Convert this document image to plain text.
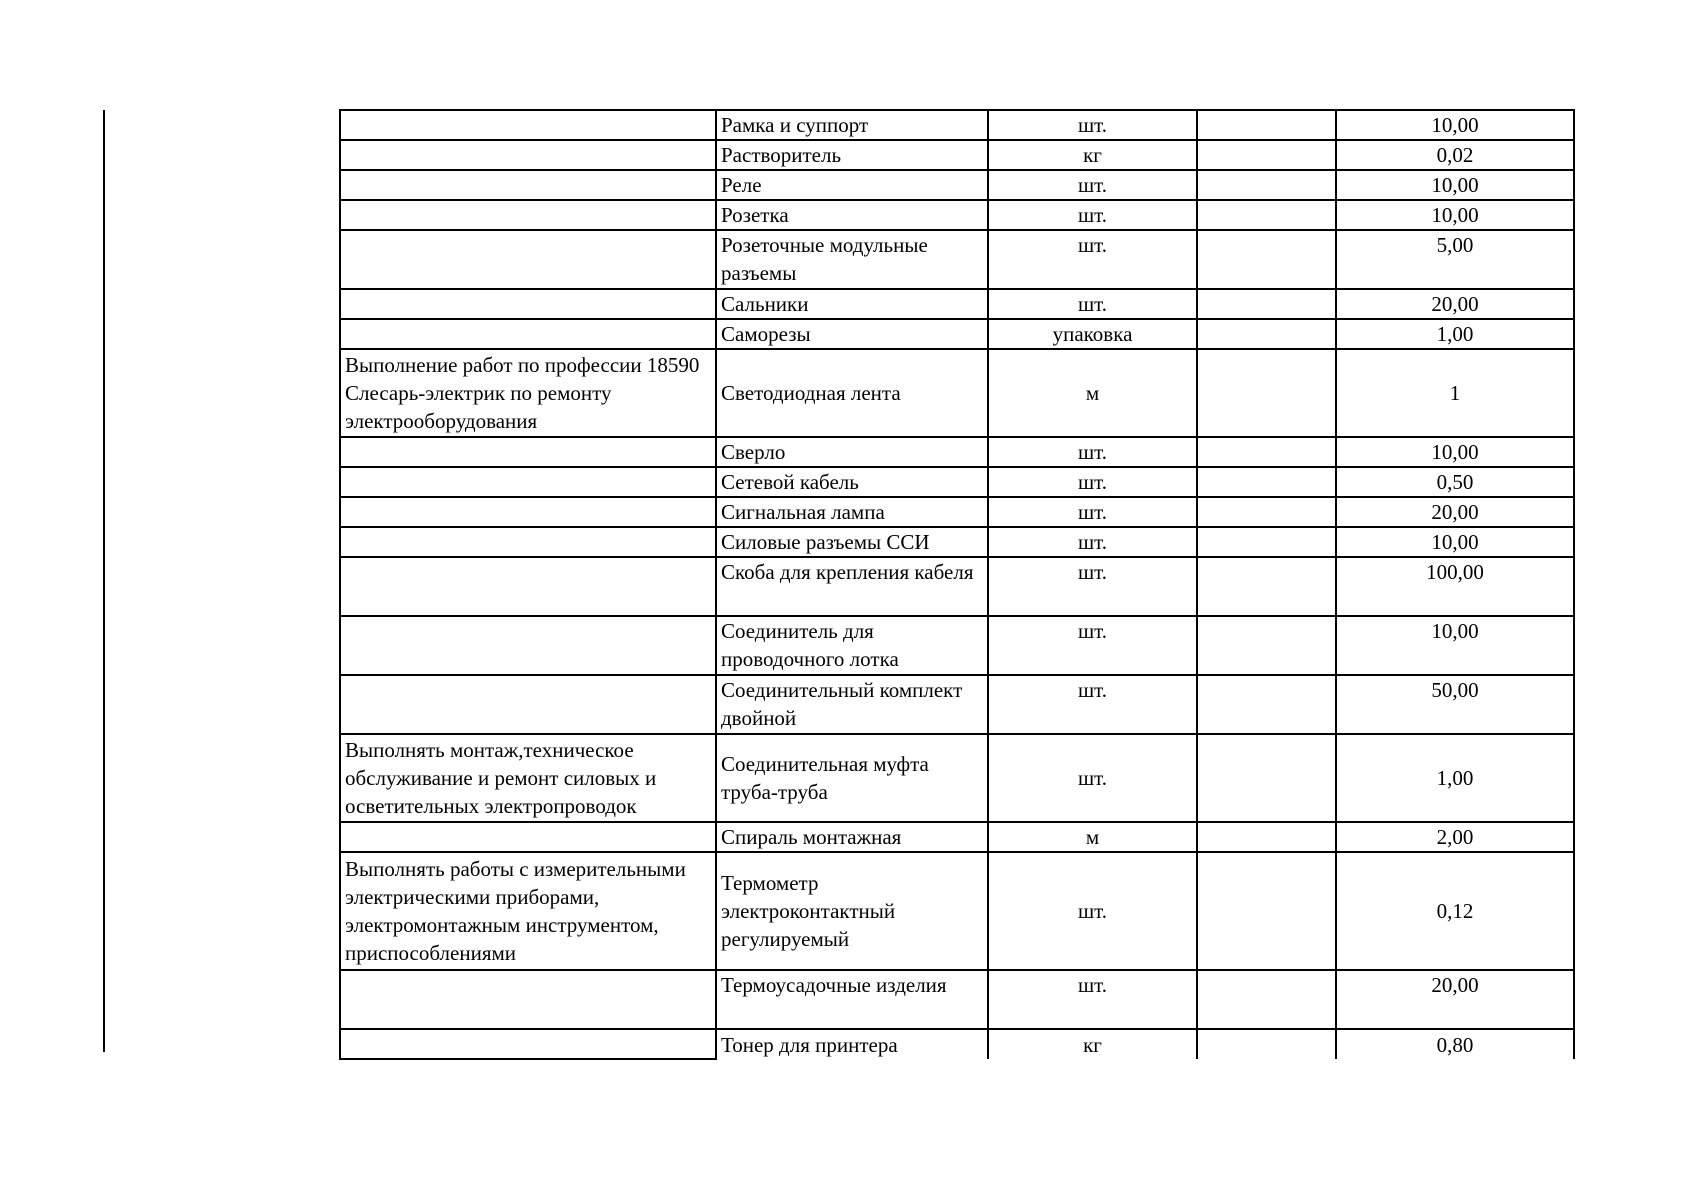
	Рамка и суппорт	шт.		10,00
	Растворитель	кг		0,02
	Реле	шт.		10,00
	Розетка	шт.		10,00
	Розеточные модульные разъемы	шт.		5,00
	Сальники	шт.		20,00
	Саморезы	упаковка		1,00
Выполнение работ по профессии 18590 Слесарь-электрик по ремонту электрооборудования	Светодиодная лента	м		1
	Сверло	шт.		10,00
	Сетевой кабель	шт.		0,50
	Сигнальная лампа	шт.		20,00
	Силовые разъемы ССИ	шт.		10,00
	Скоба для крепления кабеля	шт.		100,00
	Соединитель для проводочного лотка	шт.		10,00
	Соединительный комплект двойной	шт.		50,00
Выполнять монтаж,техническое обслуживание и ремонт силовых и осветительных электропроводок	Соединительная муфта труба-труба	шт.		1,00
	Спираль монтажная	м		2,00
Выполнять работы с измерительными электрическими приборами, электромонтажным инструментом, приспособлениями	Термометр электроконтактный регулируемый	шт.		0,12
	Термоусадочные изделия	шт.		20,00
	Тонер для принтера	кг		0,80
